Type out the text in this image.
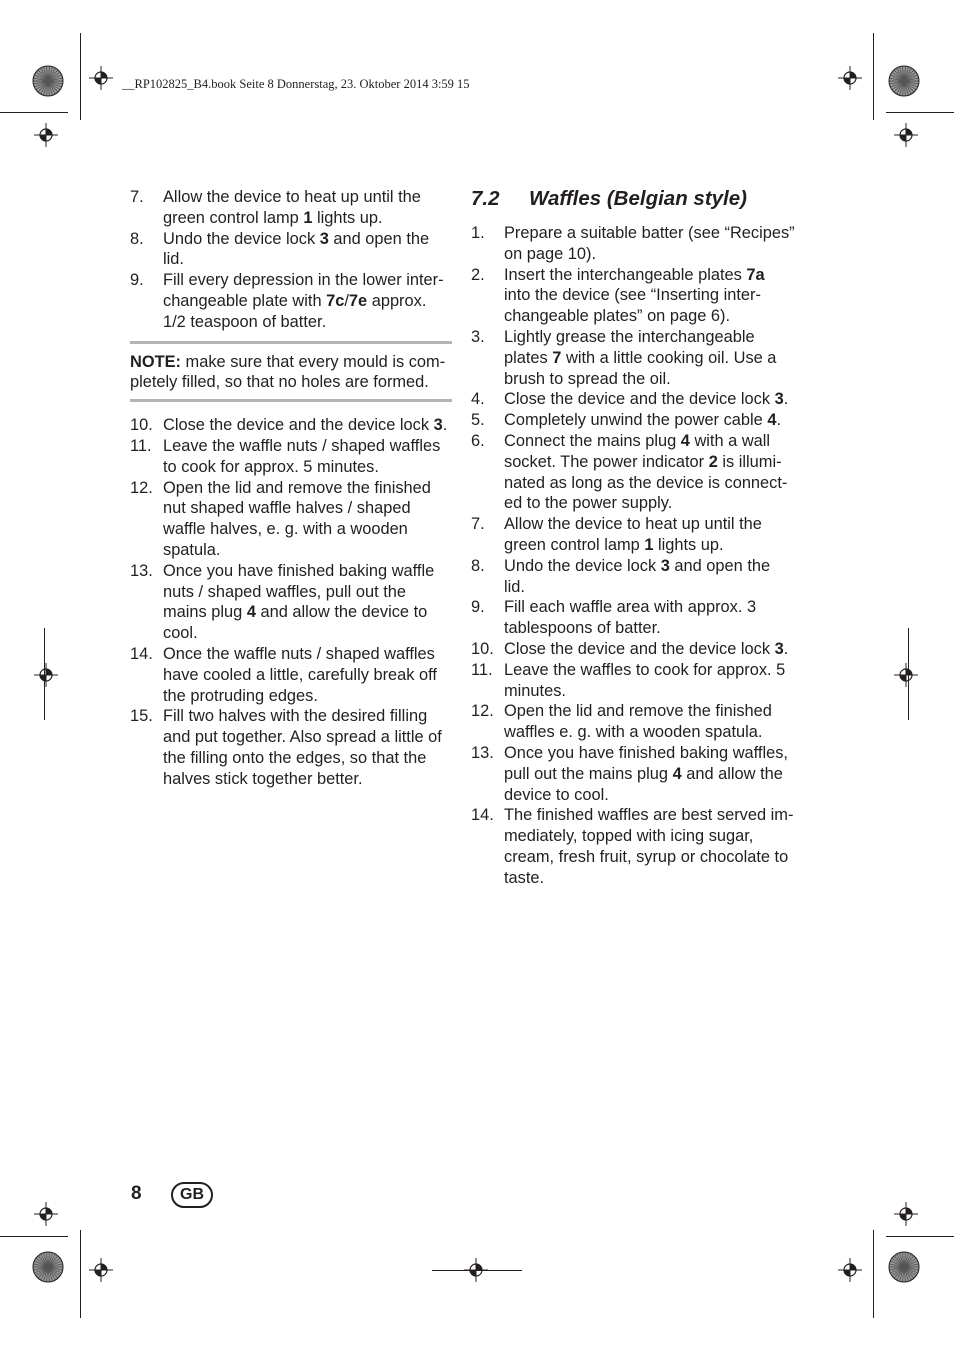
__RP102825_B4.book Seite 8 Donnerstag, 23. Oktober 2014 3:59 15
7. Allow the device to heat up until the green control lamp 1 lights up.
8. Undo the device lock 3 and open the lid.
9. Fill every depression in the lower interchangeable plate with 7c/7e approx. 1/2 teaspoon of batter.
NOTE: make sure that every mould is completely filled, so that no holes are formed.
10. Close the device and the device lock 3.
11. Leave the waffle nuts / shaped waffles to cook for approx. 5 minutes.
12. Open the lid and remove the finished nut shaped waffle halves / shaped waffle halves, e. g. with a wooden spatula.
13. Once you have finished baking waffle nuts / shaped waffles, pull out the mains plug 4 and allow the device to cool.
14. Once the waffle nuts / shaped waffles have cooled a little, carefully break off the protruding edges.
15. Fill two halves with the desired filling and put together. Also spread a little of the filling onto the edges, so that the halves stick together better.
7.2 Waffles (Belgian style)
1. Prepare a suitable batter (see “Recipes” on page 10).
2. Insert the interchangeable plates 7a into the device (see “Inserting interchangeable plates” on page 6).
3. Lightly grease the interchangeable plates 7 with a little cooking oil. Use a brush to spread the oil.
4. Close the device and the device lock 3.
5. Completely unwind the power cable 4.
6. Connect the mains plug 4 with a wall socket. The power indicator 2 is illuminated as long as the device is connected to the power supply.
7. Allow the device to heat up until the green control lamp 1 lights up.
8. Undo the device lock 3 and open the lid.
9. Fill each waffle area with approx. 3 tablespoons of batter.
10. Close the device and the device lock 3.
11. Leave the waffles to cook for approx. 5 minutes.
12. Open the lid and remove the finished waffles e. g. with a wooden spatula.
13. Once you have finished baking waffles, pull out the mains plug 4 and allow the device to cool.
14. The finished waffles are best served immediately, topped with icing sugar, cream, fresh fruit, syrup or chocolate to taste.
8	GB
